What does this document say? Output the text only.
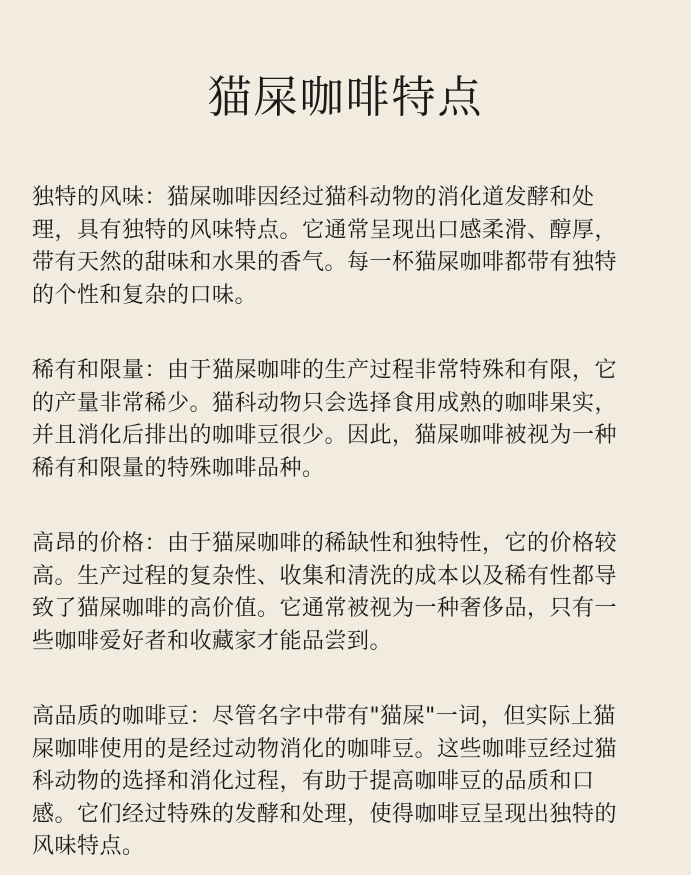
猫屎咖啡特点

独特的风味：猫屎咖啡因经过猫科动物的消化道发酵和处
理，具有独特的风味特点。它通常呈现出口感柔滑、醇厚，
带有天然的甜味和水果的香气。每一杯猫屎咖啡都带有独特
的个性和复杂的口味。

稀有和限量：由于猫屎咖啡的生产过程非常特殊和有限，它
的产量非常稀少。猫科动物只会选择食用成熟的咖啡果实，
并且消化后排出的咖啡豆很少。因此，猫屎咖啡被视为一种
稀有和限量的特殊咖啡品种。

高昂的价格：由于猫屎咖啡的稀缺性和独特性，它的价格较
高。生产过程的复杂性、收集和清洗的成本以及稀有性都导
致了猫屎咖啡的高价值。它通常被视为一种奢侈品，只有一
些咖啡爱好者和收藏家才能品尝到。

高品质的咖啡豆：尽管名字中带有"猫屎"一词，但实际上猫
屎咖啡使用的是经过动物消化的咖啡豆。这些咖啡豆经过猫
科动物的选择和消化过程，有助于提高咖啡豆的品质和口
感。它们经过特殊的发酵和处理，使得咖啡豆呈现出独特的
风味特点。
